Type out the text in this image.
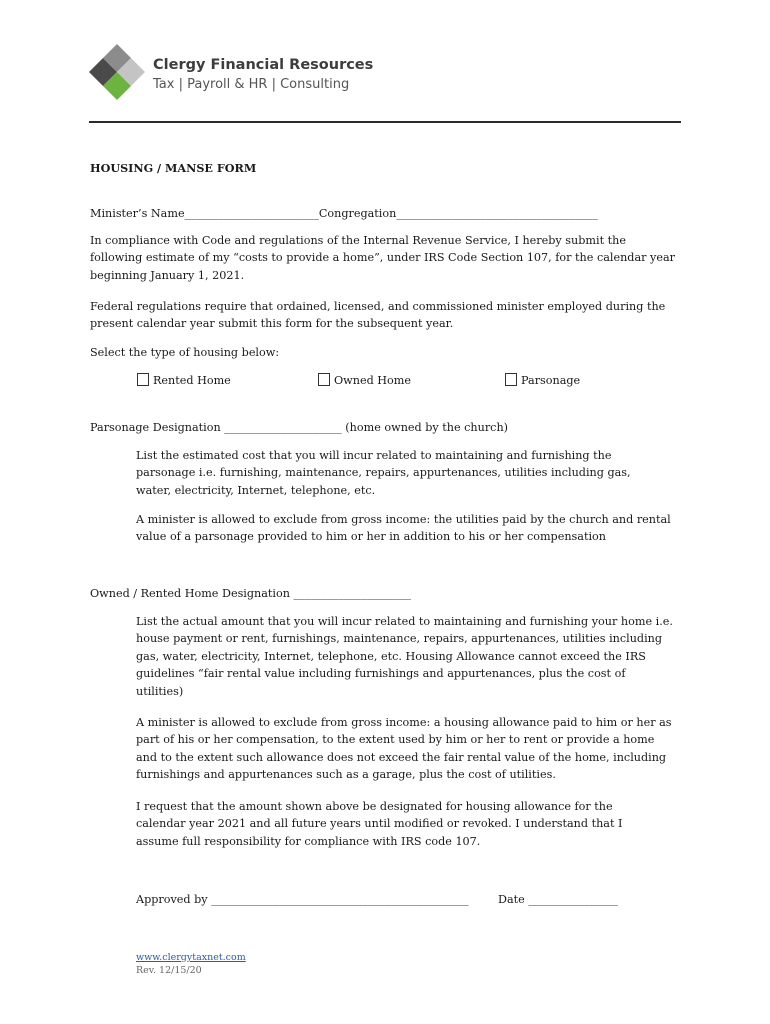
Clergy Financial Resources
Tax | Payroll & HR | Consulting
HOUSING / MANSE FORM
Minister’s Name________________________Congregation____________________________________
In compliance with Code and regulations of the Internal Revenue Service, I hereby submit the following estimate of my “costs to provide a home”, under IRS Code Section 107, for the calendar year beginning January 1, 2021.
Federal regulations require that ordained, licensed, and commissioned minister employed during the present calendar year submit this form for the subsequent year.
Select the type of housing below:
Rented Home	Owned Home	Parsonage
Parsonage Designation _____________________ (home owned by the church)
List the estimated cost that you will incur related to maintaining and furnishing the parsonage i.e. furnishing, maintenance, repairs, appurtenances, utilities including gas, water, electricity, Internet, telephone, etc.
A minister is allowed to exclude from gross income: the utilities paid by the church and rental value of a parsonage provided to him or her in addition to his or her compensation
Owned / Rented Home Designation _____________________
List the actual amount that you will incur related to maintaining and furnishing your home i.e. house payment or rent, furnishings, maintenance, repairs, appurtenances, utilities including gas, water, electricity, Internet, telephone, etc. Housing Allowance cannot exceed the IRS guidelines “fair rental value including furnishings and appurtenances, plus the cost of utilities)
A minister is allowed to exclude from gross income: a housing allowance paid to him or her as part of his or her compensation, to the extent used by him or her to rent or provide a home and to the extent such allowance does not exceed the fair rental value of the home, including furnishings and appurtenances such as a garage, plus the cost of utilities.
I request that the amount shown above be designated for housing allowance for the calendar year 2021 and all future years until modified or revoked. I understand that I assume full responsibility for compliance with IRS code 107.
Approved by ______________________________________________	Date ________________
www.clergytaxnet.com
Rev. 12/15/20
